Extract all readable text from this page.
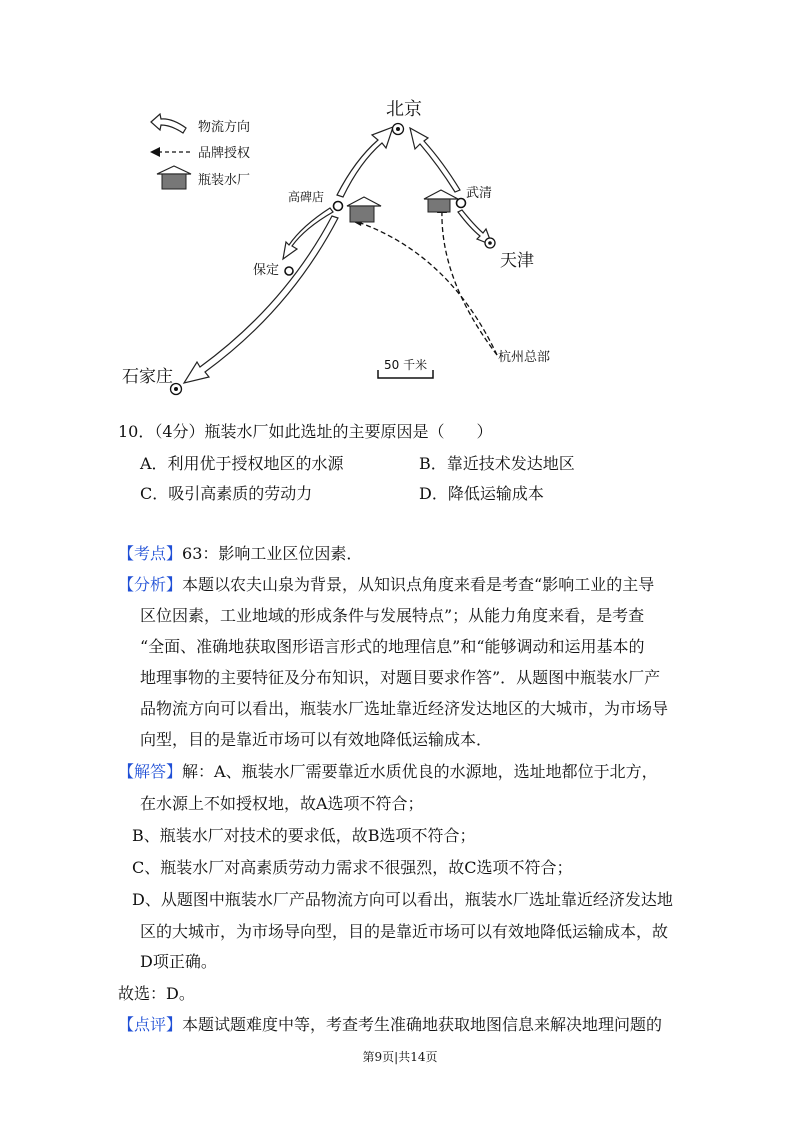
物流方向
品牌授权
瓶装水厂
北京
高碑店	武清
天津
保定
石家庄
杭州总部
50 千米
10．（4分）瓶装水厂如此选址的主要原因是（　　）
A．利用优于授权地区的水源	B．靠近技术发达地区
C．吸引高素质的劳动力	D．降低运输成本
【考点】63：影响工业区位因素．
【分析】本题以农夫山泉为背景，从知识点角度来看是考查“影响工业的主导
区位因素，工业地域的形成条件与发展特点”；从能力角度来看，是考查
“全面、准确地获取图形语言形式的地理信息”和“能够调动和运用基本的
地理事物的主要特征及分布知识，对题目要求作答”．从题图中瓶装水厂产
品物流方向可以看出，瓶装水厂选址靠近经济发达地区的大城市，为市场导
向型，目的是靠近市场可以有效地降低运输成本．
【解答】解：A、瓶装水厂需要靠近水质优良的水源地，选址地都位于北方，
在水源上不如授权地，故A选项不符合；
B、瓶装水厂对技术的要求低，故B选项不符合；
C、瓶装水厂对高素质劳动力需求不很强烈，故C选项不符合；
D、从题图中瓶装水厂产品物流方向可以看出，瓶装水厂选址靠近经济发达地
区的大城市，为市场导向型，目的是靠近市场可以有效地降低运输成本，故
D项正确。
故选：D。
【点评】本题试题难度中等，考查考生准确地获取地图信息来解决地理问题的
第9页|共14页
